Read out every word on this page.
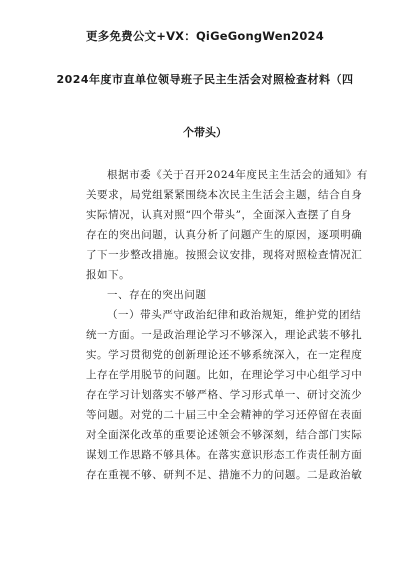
更多免费公文+VX：QiGeGongWen2024
2024年度市直单位领导班子民主生活会对照检查材料（四
个带头）
根据市委《关于召开2024年度民主生活会的通知》有
关要求，局党组紧紧围绕本次民主生活会主题，结合自身
实际情况，认真对照“四个带头”，全面深入查摆了自身
存在的突出问题，认真分析了问题产生的原因，逐项明确
了下一步整改措施。按照会议安排，现将对照检查情况汇
报如下。
一、存在的突出问题
（一）带头严守政治纪律和政治规矩，维护党的团结
统一方面。一是政治理论学习不够深入，理论武装不够扎
实。学习贯彻党的创新理论还不够系统深入，在一定程度
上存在学用脱节的问题。比如，在理论学习中心组学习中
存在学习计划落实不够严格、学习形式单一、研讨交流少
等问题。对党的二十届三中全会精神的学习还停留在表面
对全面深化改革的重要论述领会不够深刻，结合部门实际
谋划工作思路不够具体。在落实意识形态工作责任制方面
存在重视不够、研判不足、措施不力的问题。二是政治敏
